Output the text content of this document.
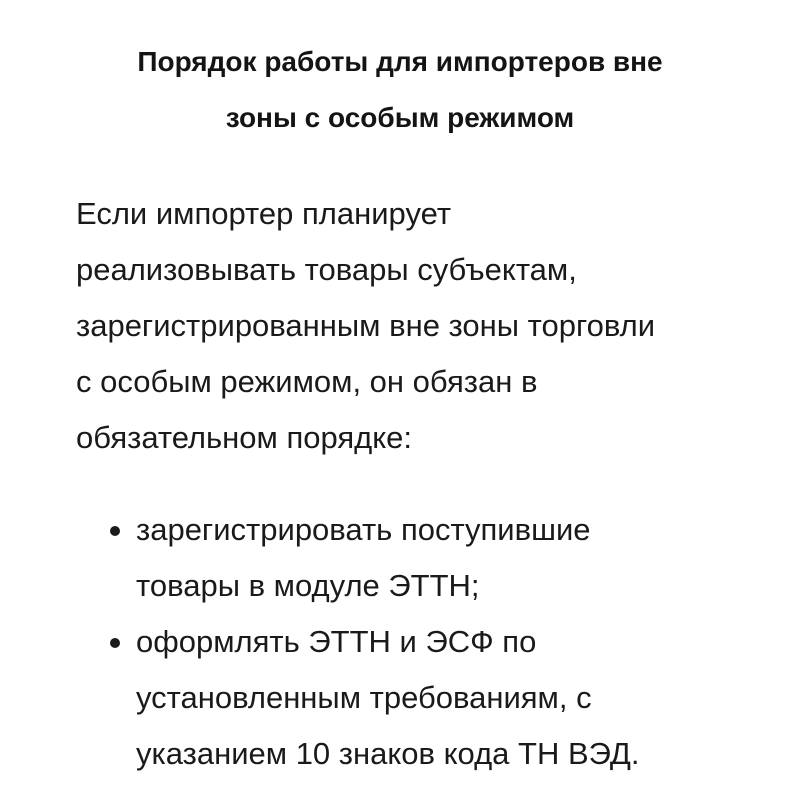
Порядок работы для импортеров вне
зоны с особым режимом

Если импортер планирует
реализовывать товары субъектам,
зарегистрированным вне зоны торговли
с особым режимом, он обязан в
обязательном порядке:

зарегистрировать поступившие
товары в модуле ЭТТН;
оформлять ЭТТН и ЭСФ по
установленным требованиям, с
указанием 10 знаков кода ТН ВЭД.
